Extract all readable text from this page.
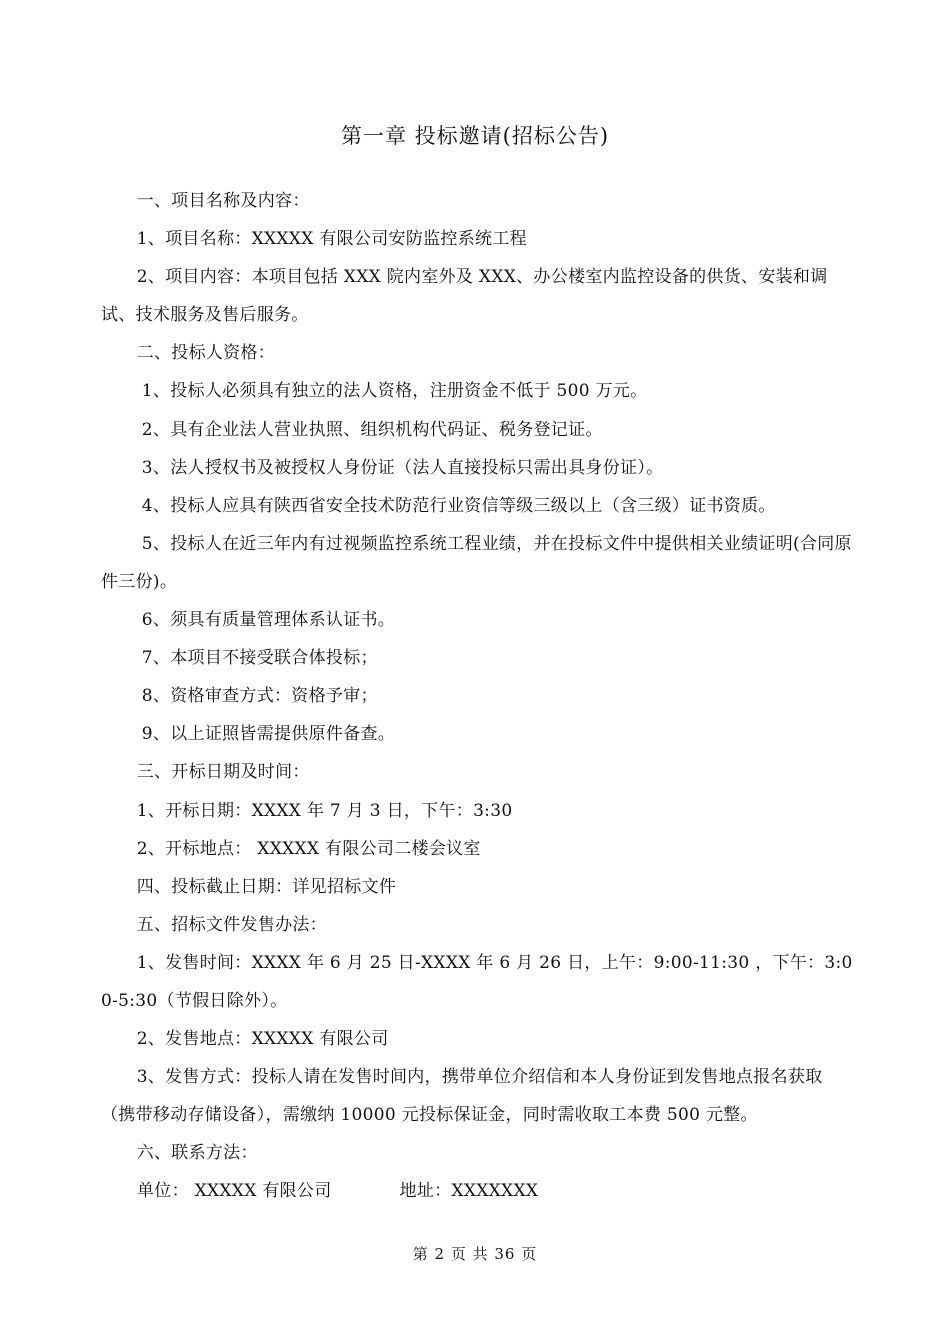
第一章 投标邀请(招标公告)

一、项目名称及内容：

1、项目名称：XXXXX 有限公司安防监控系统工程

2、项目内容：本项目包括 XXX 院内室外及 XXX、办公楼室内监控设备的供货、安装和调试、技术服务及售后服务。

二、投标人资格：

1、投标人必须具有独立的法人资格，注册资金不低于 500 万元。

2、具有企业法人营业执照、组织机构代码证、税务登记证。

3、法人授权书及被授权人身份证（法人直接投标只需出具身份证）。

4、投标人应具有陕西省安全技术防范行业资信等级三级以上（含三级）证书资质。

5、投标人在近三年内有过视频监控系统工程业绩，并在投标文件中提供相关业绩证明(合同原件三份)。

6、须具有质量管理体系认证书。

7、本项目不接受联合体投标；

8、资格审查方式：资格予审；

9、以上证照皆需提供原件备查。

三、开标日期及时间：

1、开标日期：XXXX 年 7 月 3 日，下午：3:30

2、开标地点： XXXXX 有限公司二楼会议室

四、投标截止日期：详见招标文件

五、招标文件发售办法：

1、发售时间：XXXX 年 6 月 25 日-XXXX 年 6 月 26 日，上午：9:00-11:30 ，下午：3:00-5:30（节假日除外）。

2、发售地点：XXXXX 有限公司

3、发售方式：投标人请在发售时间内，携带单位介绍信和本人身份证到发售地点报名获取（携带移动存储设备），需缴纳 10000 元投标保证金，同时需收取工本费 500 元整。

六、联系方法：

单位： XXXXX 有限公司	地址：XXXXXXX
第 2 页 共 36 页
